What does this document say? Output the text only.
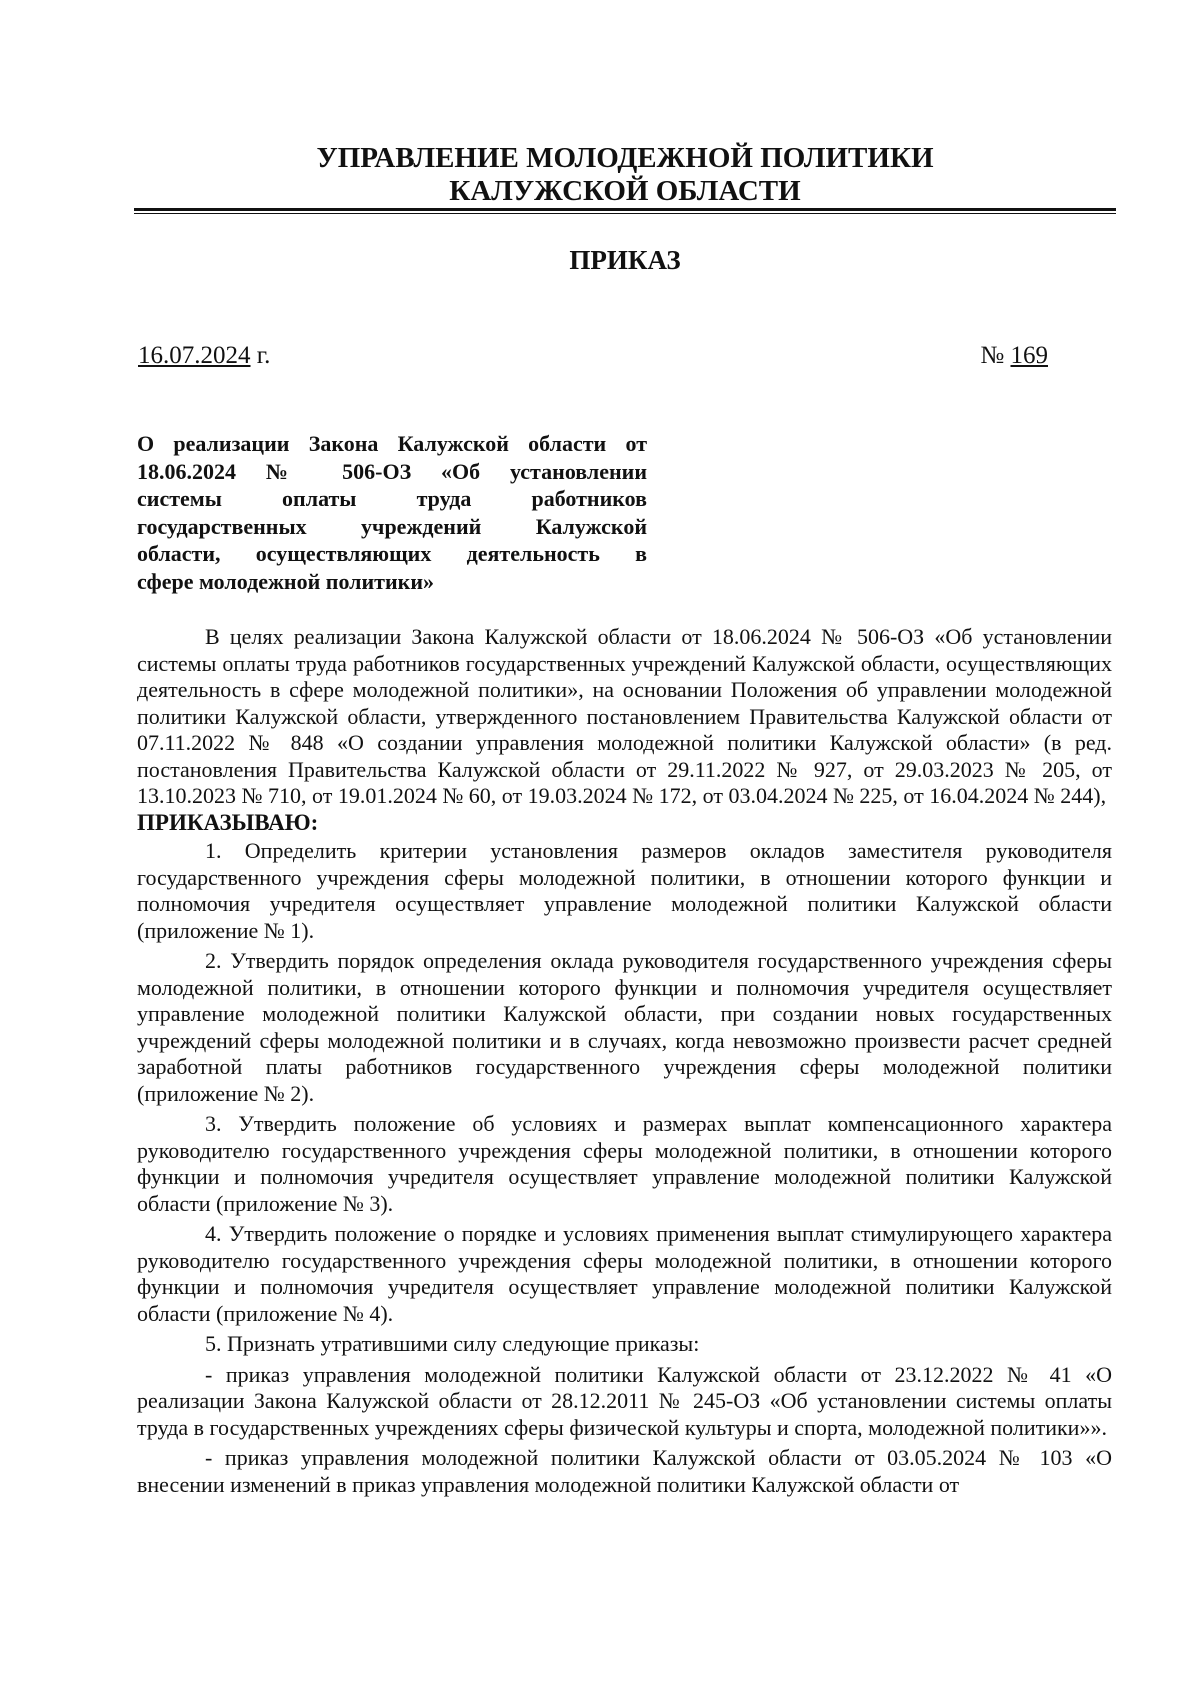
УПРАВЛЕНИЕ МОЛОДЕЖНОЙ ПОЛИТИКИ
КАЛУЖСКОЙ ОБЛАСТИ
ПРИКАЗ
16.07.2024 г.	№ 169
О реализации Закона Калужской области от
18.06.2024 № 506-ОЗ «Об установлении
системы оплаты труда работников
государственных учреждений Калужской
области, осуществляющих деятельность в
сфере молодежной политики»

В целях реализации Закона Калужской области от 18.06.2024 № 506-ОЗ «Об установлении системы оплаты труда работников государственных учреждений Калужской области, осуществляющих деятельность в сфере молодежной политики», на основании Положения об управлении молодежной политики Калужской области, утвержденного постановлением Правительства Калужской области от 07.11.2022 № 848 «О создании управления молодежной политики Калужской области» (в ред. постановления Правительства Калужской области от 29.11.2022 № 927, от 29.03.2023 № 205, от 13.10.2023 № 710, от 19.01.2024 № 60, от 19.03.2024 № 172, от 03.04.2024 № 225, от 16.04.2024 № 244),

ПРИКАЗЫВАЮ:

1. Определить критерии установления размеров окладов заместителя руководителя государственного учреждения сферы молодежной политики, в отношении которого функции и полномочия учредителя осуществляет управление молодежной политики Калужской области (приложение № 1).

2. Утвердить порядок определения оклада руководителя государственного учреждения сферы молодежной политики, в отношении которого функции и полномочия учредителя осуществляет управление молодежной политики Калужской области, при создании новых государственных учреждений сферы молодежной политики и в случаях, когда невозможно произвести расчет средней заработной платы работников государственного учреждения сферы молодежной политики (приложение № 2).

3. Утвердить положение об условиях и размерах выплат компенсационного характера руководителю государственного учреждения сферы молодежной политики, в отношении которого функции и полномочия учредителя осуществляет управление молодежной политики Калужской области (приложение № 3).

4. Утвердить положение о порядке и условиях применения выплат стимулирующего характера руководителю государственного учреждения сферы молодежной политики, в отношении которого функции и полномочия учредителя осуществляет управление молодежной политики Калужской области (приложение № 4).

5. Признать утратившими силу следующие приказы:

- приказ управления молодежной политики Калужской области от 23.12.2022 № 41 «О реализации Закона Калужской области от 28.12.2011 № 245-ОЗ «Об установлении системы оплаты труда в государственных учреждениях сферы физической культуры и спорта, молодежной политики»».

- приказ управления молодежной политики Калужской области от 03.05.2024 № 103 «О внесении изменений в приказ управления молодежной политики Калужской области от
